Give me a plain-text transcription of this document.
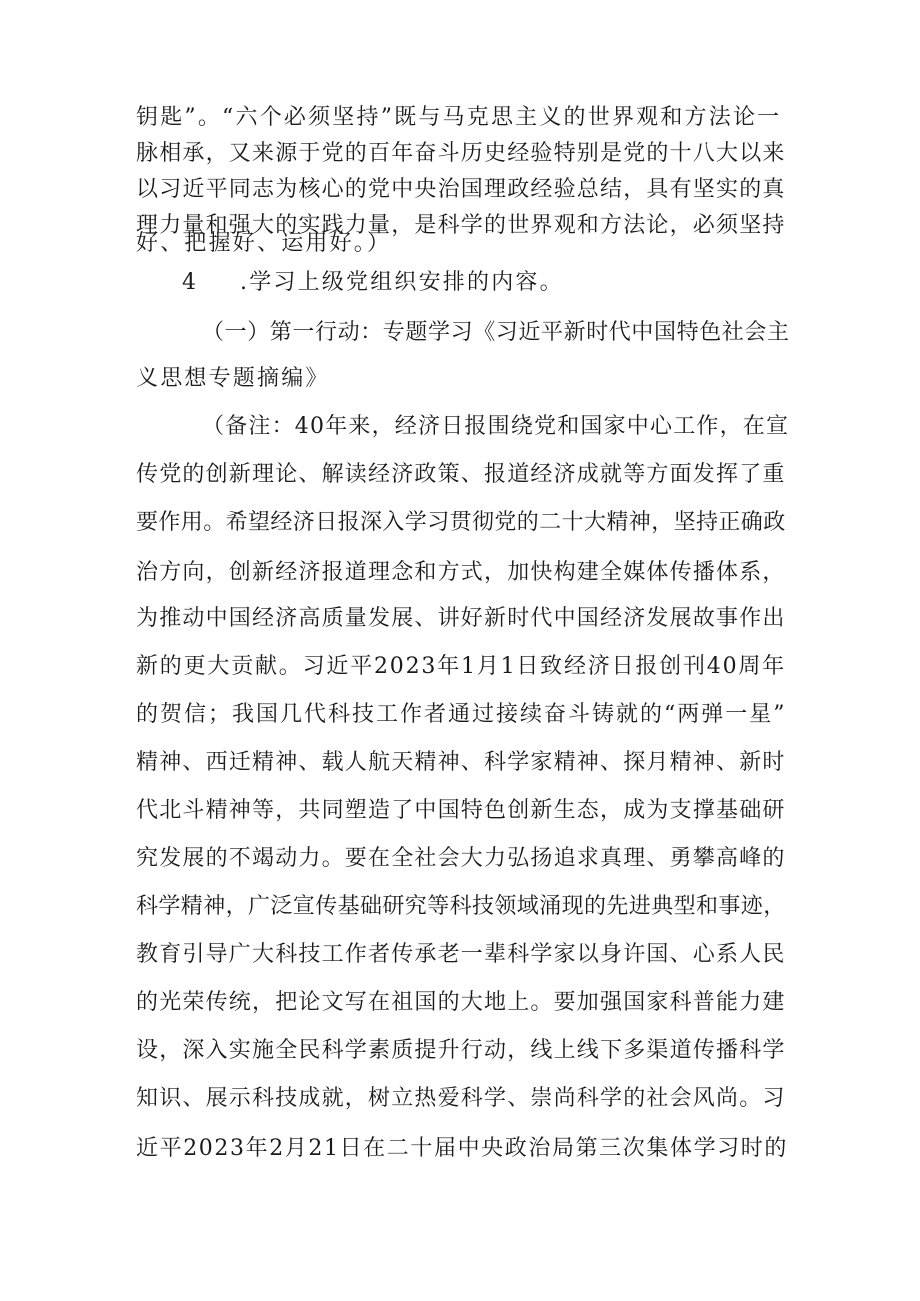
钥匙”。“六个必须坚持”既与马克思主义的世界观和方法论一
脉相承，又来源于党的百年奋斗历史经验特别是党的十八大以来
以习近平同志为核心的党中央治国理政经验总结，具有坚实的真
理力量和强大的实践力量，是科学的世界观和方法论，必须坚持
好、把握好、运用好。）
4 .学习上级党组织安排的内容。
（一）第一行动：专题学习《习近平新时代中国特色社会主
义思想专题摘编》
（备注：40年来，经济日报围绕党和国家中心工作，在宣
传党的创新理论、解读经济政策、报道经济成就等方面发挥了重
要作用。希望经济日报深入学习贯彻党的二十大精神，坚持正确政
治方向，创新经济报道理念和方式，加快构建全媒体传播体系，
为推动中国经济高质量发展、讲好新时代中国经济发展故事作出
新的更大贡献。习近平2023年1月1日致经济日报创刊40周年
的贺信；我国几代科技工作者通过接续奋斗铸就的“两弹一星”
精神、西迁精神、载人航天精神、科学家精神、探月精神、新时
代北斗精神等，共同塑造了中国特色创新生态，成为支撑基础研
究发展的不竭动力。要在全社会大力弘扬追求真理、勇攀高峰的
科学精神，广泛宣传基础研究等科技领域涌现的先进典型和事迹，
教育引导广大科技工作者传承老一辈科学家以身许国、心系人民
的光荣传统，把论文写在祖国的大地上。要加强国家科普能力建
设，深入实施全民科学素质提升行动，线上线下多渠道传播科学
知识、展示科技成就，树立热爱科学、崇尚科学的社会风尚。习
近平2023年2月21日在二十届中央政治局第三次集体学习时的
